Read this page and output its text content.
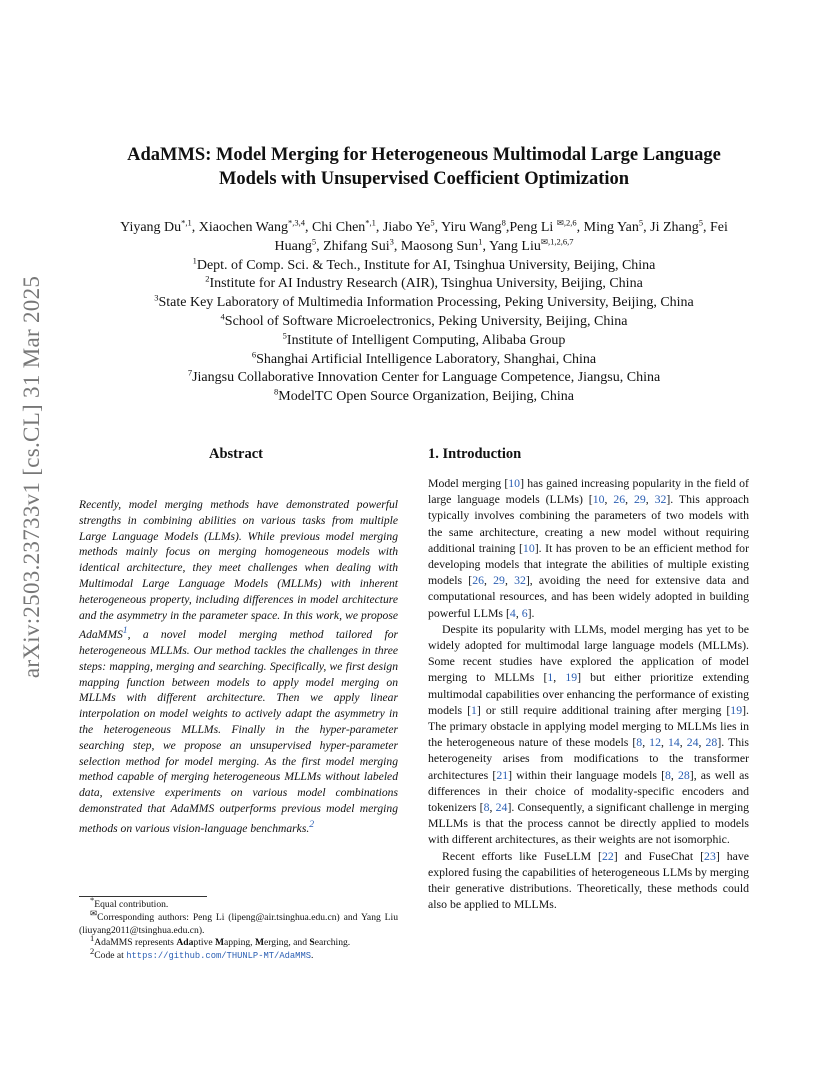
arXiv:2503.23733v1 [cs.CL] 31 Mar 2025
AdaMMS: Model Merging for Heterogeneous Multimodal Large Language
Models with Unsupervised Coefficient Optimization
Yiyang $Du^{*,1}$, Xiaochen Wang$^{*,3,4}$, Chi Chen$^{*,1}$, Jiabo Ye$^5$, Yiru Wang$^8$,Peng Li $^{✉,2,6}$, Ming Yan$^5$, Ji Zhang$^5$, Fei Huang$^5$, Zhifang Sui$^3$, Maosong Sun$^1$, Yang Liu$^{✉,1,2,6,7}$
$^1$Dept. of Comp. Sci. & Tech., Institute for AI, Tsinghua University, Beijing, China
$^2$Institute for AI Industry Research (AIR), Tsinghua University, Beijing, China
$^3$State Key Laboratory of Multimedia Information Processing, Peking University, Beijing, China
$^4$School of Software Microelectronics, Peking University, Beijing, China
$^5$Institute of Intelligent Computing, Alibaba Group
$^6$Shanghai Artificial Intelligence Laboratory, Shanghai, China
$^7$Jiangsu Collaborative Innovation Center for Language Competence, Jiangsu, China
$^8$ModelTC Open Source Organization, Beijing, China
Abstract
Recently, model merging methods have demonstrated powerful strengths in combining abilities on various tasks from multiple Large Language Models (LLMs). While previous model merging methods mainly focus on merging homogeneous models with identical architecture, they meet challenges when dealing with Multimodal Large Language Models (MLLMs) with inherent heterogeneous property, including differences in model architecture and the asymmetry in the parameter space. In this work, we propose AdaMMS$^1$, a novel model merging method tailored for heterogeneous MLLMs. Our method tackles the challenges in three steps: mapping, merging and searching. Specifically, we first design mapping function between models to apply model merging on MLLMs with different architecture. Then we apply linear interpolation on model weights to actively adapt the asymmetry in the heterogeneous MLLMs. Finally in the hyper-parameter searching step, we propose an unsupervised hyper-parameter selection method for model merging. As the first model merging method capable of merging heterogeneous MLLMs without labeled data, extensive experiments on various model combinations demonstrated that AdaMMS outperforms previous model merging methods on various vision-language benchmarks.$^2$
*Equal contribution.
✉Corresponding authors: Peng Li (lipeng@air.tsinghua.edu.cn) and Yang Liu (liuyang2011@tsinghua.edu.cn).
$^1$AdaMMS represents Adaptive Mapping, Merging, and Searching.
$^2$Code at https://github.com/THUNLP-MT/AdaMMS.
1. Introduction

Model merging [10] has gained increasing popularity in the field of large language models (LLMs) [10, 26, 29, 32]. This approach typically involves combining the parameters of two models with the same architecture, creating a new model without requiring additional training [10]. It has proven to be an efficient method for developing models that integrate the abilities of multiple existing models [26, 29, 32], avoiding the need for extensive data and computational resources, and has been widely adopted in building powerful LLMs [4, 6].

Despite its popularity with LLMs, model merging has yet to be widely adopted for multimodal large language models (MLLMs). Some recent studies have explored the application of model merging to MLLMs [1, 19] but either prioritize extending multimodal capabilities over enhancing the performance of existing models [1] or still require additional training after merging [19]. The primary obstacle in applying model merging to MLLMs lies in the heterogeneous nature of these models [8, 12, 14, 24, 28]. This heterogeneity arises from modifications to the transformer architectures [21] within their language models [8, 28], as well as differences in their choice of modality-specific encoders and tokenizers [8, 24]. Consequently, a significant challenge in merging MLLMs is that the process cannot be directly applied to models with different architectures, as their weights are not isomorphic.

Recent efforts like FuseLLM [22] and FuseChat [23] have explored fusing the capabilities of heterogeneous LLMs by merging their generative distributions. Theoretically, these methods could also be applied to MLLMs.
